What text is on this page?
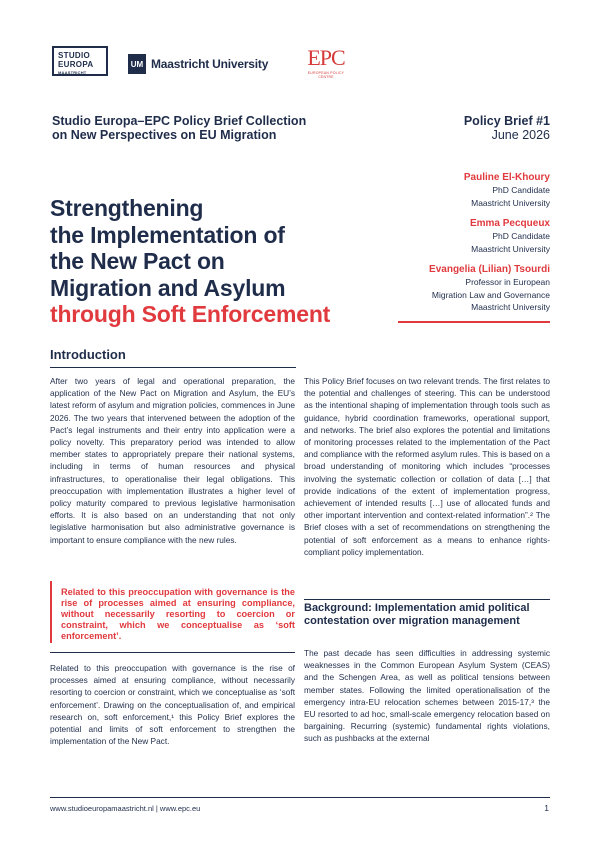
STUDIO
EUROPA
MAASTRICHT
UM Maastricht University EPC
EUROPEAN POLICY CENTRE
Studio Europa–EPC Policy Brief Collection
on New Perspectives on EU Migration
Policy Brief #1
June 2026
Strengthening
the Implementation of
the New Pact on
Migration and Asylum
through Soft Enforcement
Pauline El-Khoury
PhD Candidate
Maastricht University
Emma Pecqueux
PhD Candidate
Maastricht University
Evangelia (Lilian) Tsourdi
Professor in European
Migration Law and Governance
Maastricht University
Introduction
After two years of legal and operational preparation, the application of the New Pact on Migration and Asylum, the EU’s latest reform of asylum and migration policies, commences in June 2026. The two years that intervened between the adoption of the Pact’s legal instruments and their entry into application were a policy novelty. This preparatory period was intended to allow member states to appropriately prepare their national systems, including in terms of human resources and physical infrastructures, to operationalise their legal obligations. This preoccupation with implementation illustrates a higher level of policy maturity compared to previous legislative harmonisation efforts. It is also based on an understanding that not only legislative harmonisation but also administrative governance is important to ensure compliance with the new rules.
Related to this preoccupation with governance is the rise of processes aimed at ensuring compliance, without necessarily resorting to coercion or constraint, which we conceptualise as ‘soft enforcement’.
Related to this preoccupation with governance is the rise of processes aimed at ensuring compliance, without necessarily resorting to coercion or constraint, which we conceptualise as ‘soft enforcement’. Drawing on the conceptualisation of, and empirical research on, soft enforcement,¹ this Policy Brief explores the potential and limits of soft enforcement to strengthen the implementation of the New Pact.
This Policy Brief focuses on two relevant trends. The first relates to the potential and challenges of steering. This can be understood as the intentional shaping of implementation through tools such as guidance, hybrid coordination frameworks, operational support, and networks. The brief also explores the potential and limitations of monitoring processes related to the implementation of the Pact and compliance with the reformed asylum rules. This is based on a broad understanding of monitoring which includes “processes involving the systematic collection or collation of data […] that provide indications of the extent of implementation progress, achievement of intended results […] use of allocated funds and other important intervention and context-related information”.² The Brief closes with a set of recommendations on strengthening the potential of soft enforcement as a means to enhance rights-compliant policy implementation.
Background: Implementation amid political contestation over migration management
The past decade has seen difficulties in addressing systemic weaknesses in the Common European Asylum System (CEAS) and the Schengen Area, as well as political tensions between member states. Following the limited operationalisation of the emergency intra-EU relocation schemes between 2015-17,³ the EU resorted to ad hoc, small-scale emergency relocation based on bargaining. Recurring (systemic) fundamental rights violations, such as pushbacks at the external
www.studioeuropamaastricht.nl | www.epc.eu	1
